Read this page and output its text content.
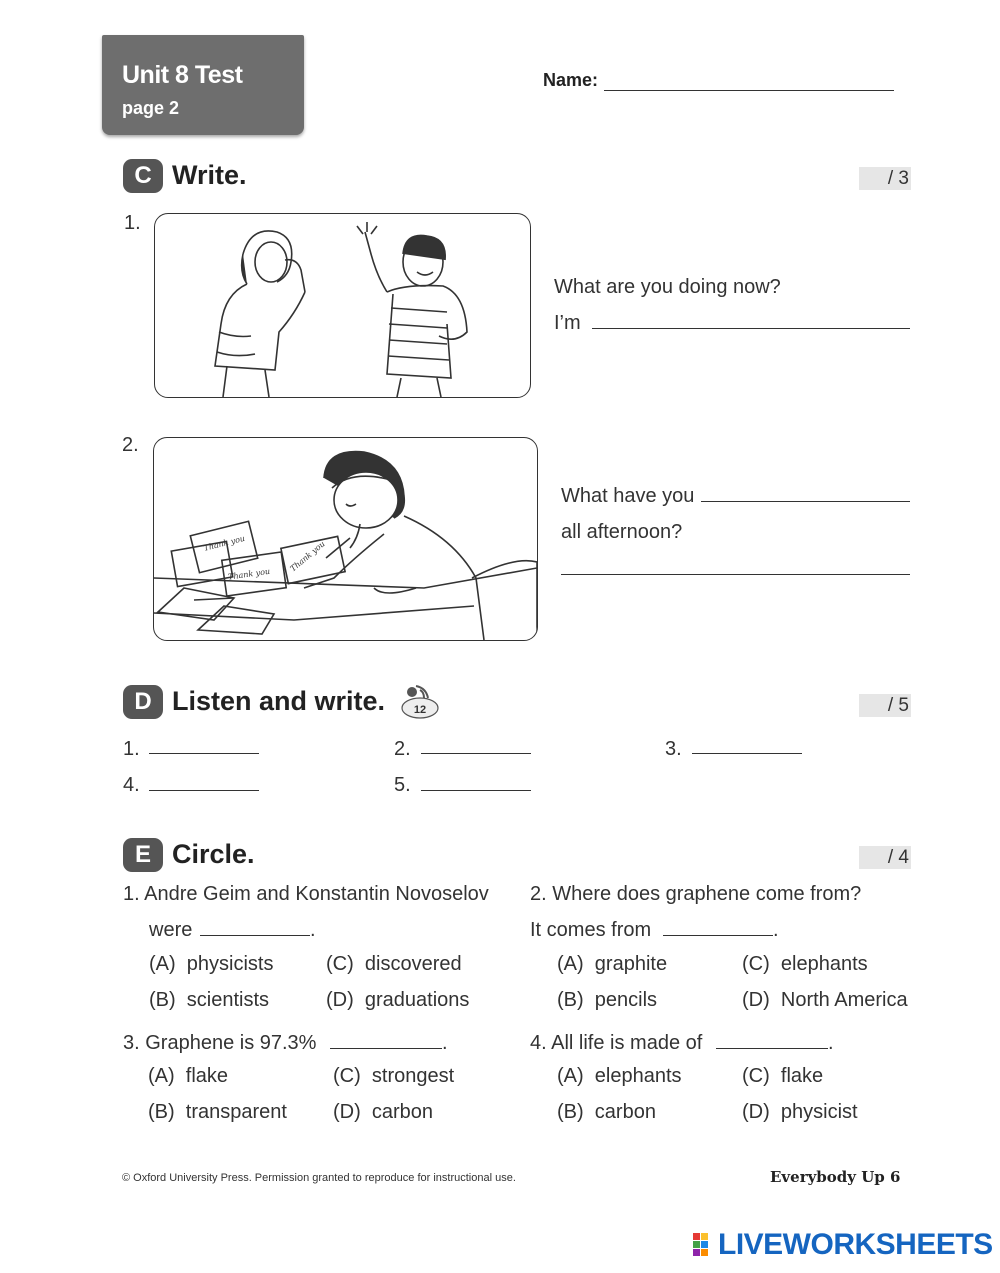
Unit 8 Test
page 2
Name:
C Write.	/ 3
1.
What are you doing now?
I’m
2.
Thank you
Thank you
Thank you
What have you
all afternoon?
D Listen and write.	12	/ 5
1.	2.	3.
4.	5.
E Circle.	/ 4
1. Andre Geim and Konstantin Novoselov
were	.
(A) physicists	(C) discovered
(B) scientists	(D) graduations
2. Where does graphene come from?
It comes from	.
(A) graphite	(C) elephants
(B) pencils	(D) North America
3. Graphene is 97.3%	.
(A) flake	(C) strongest
(B) transparent (D) carbon
4. All life is made of	.
(A) elephants	(C) flake
(B) carbon	(D) physicist
© Oxford University Press. Permission granted to reproduce for instructional use.	Everybody Up 6
LIVEWORKSHEETS
